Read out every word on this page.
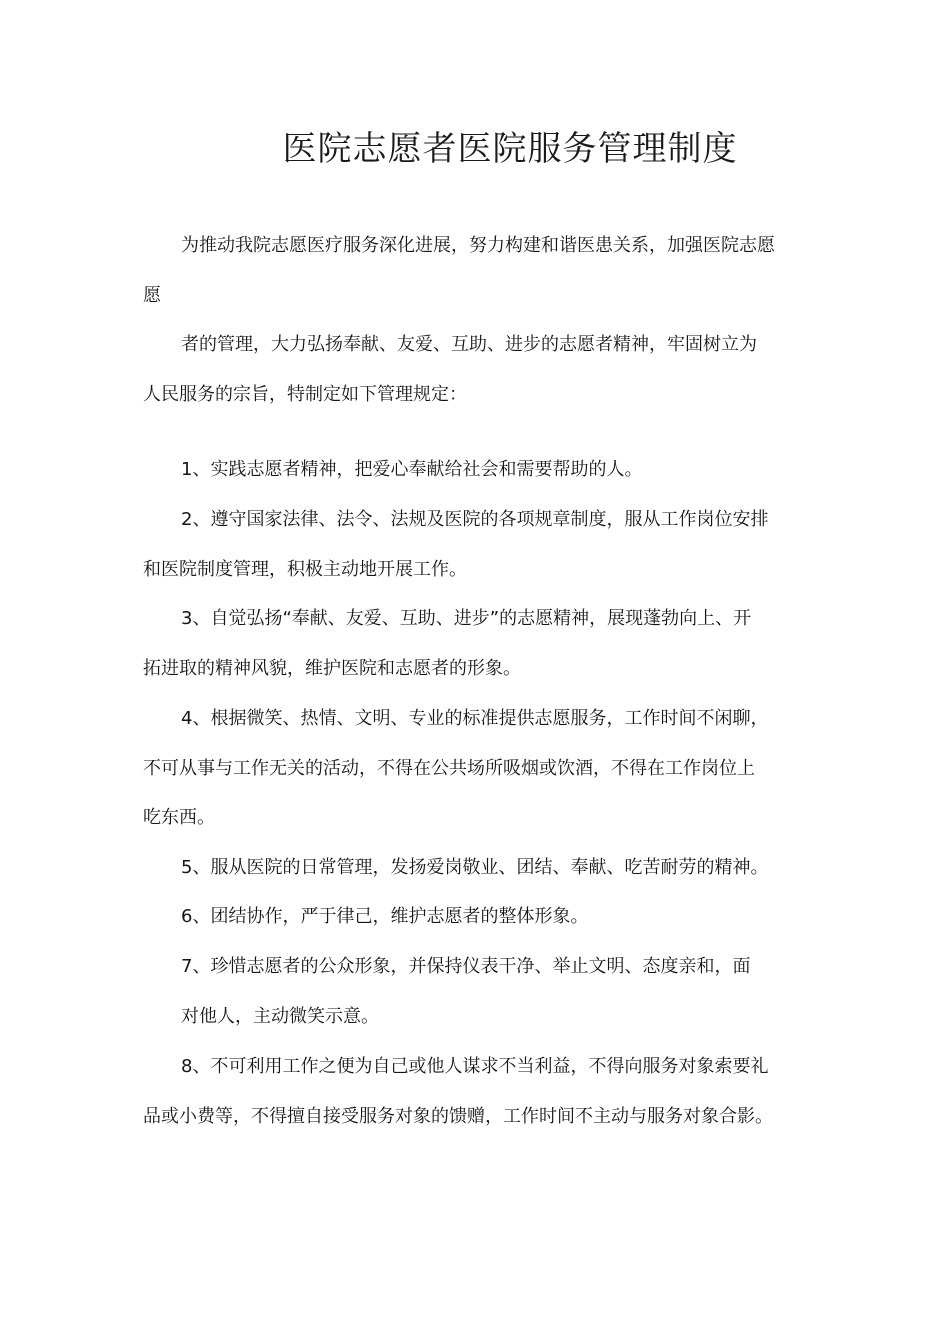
医院志愿者医院服务管理制度
为推动我院志愿医疗服务深化进展，努力构建和谐医患关系，加强医院志愿
愿
者的管理，大力弘扬奉献、友爱、互助、进步的志愿者精神，牢固树立为
人民服务的宗旨，特制定如下管理规定：
1、实践志愿者精神，把爱心奉献给社会和需要帮助的人。
2、遵守国家法律、法令、法规及医院的各项规章制度，服从工作岗位安排
和医院制度管理，积极主动地开展工作。
3、自觉弘扬“奉献、友爱、互助、进步”的志愿精神，展现蓬勃向上、开
拓进取的精神风貌，维护医院和志愿者的形象。
4、根据微笑、热情、文明、专业的标准提供志愿服务，工作时间不闲聊，
不可从事与工作无关的活动，不得在公共场所吸烟或饮酒，不得在工作岗位上
吃东西。
5、服从医院的日常管理，发扬爱岗敬业、团结、奉献、吃苦耐劳的精神。
6、团结协作，严于律己，维护志愿者的整体形象。
7、珍惜志愿者的公众形象，并保持仪表干净、举止文明、态度亲和，面
对他人，主动微笑示意。
8、不可利用工作之便为自己或他人谋求不当利益，不得向服务对象索要礼
品或小费等，不得擅自接受服务对象的馈赠，工作时间不主动与服务对象合影。
